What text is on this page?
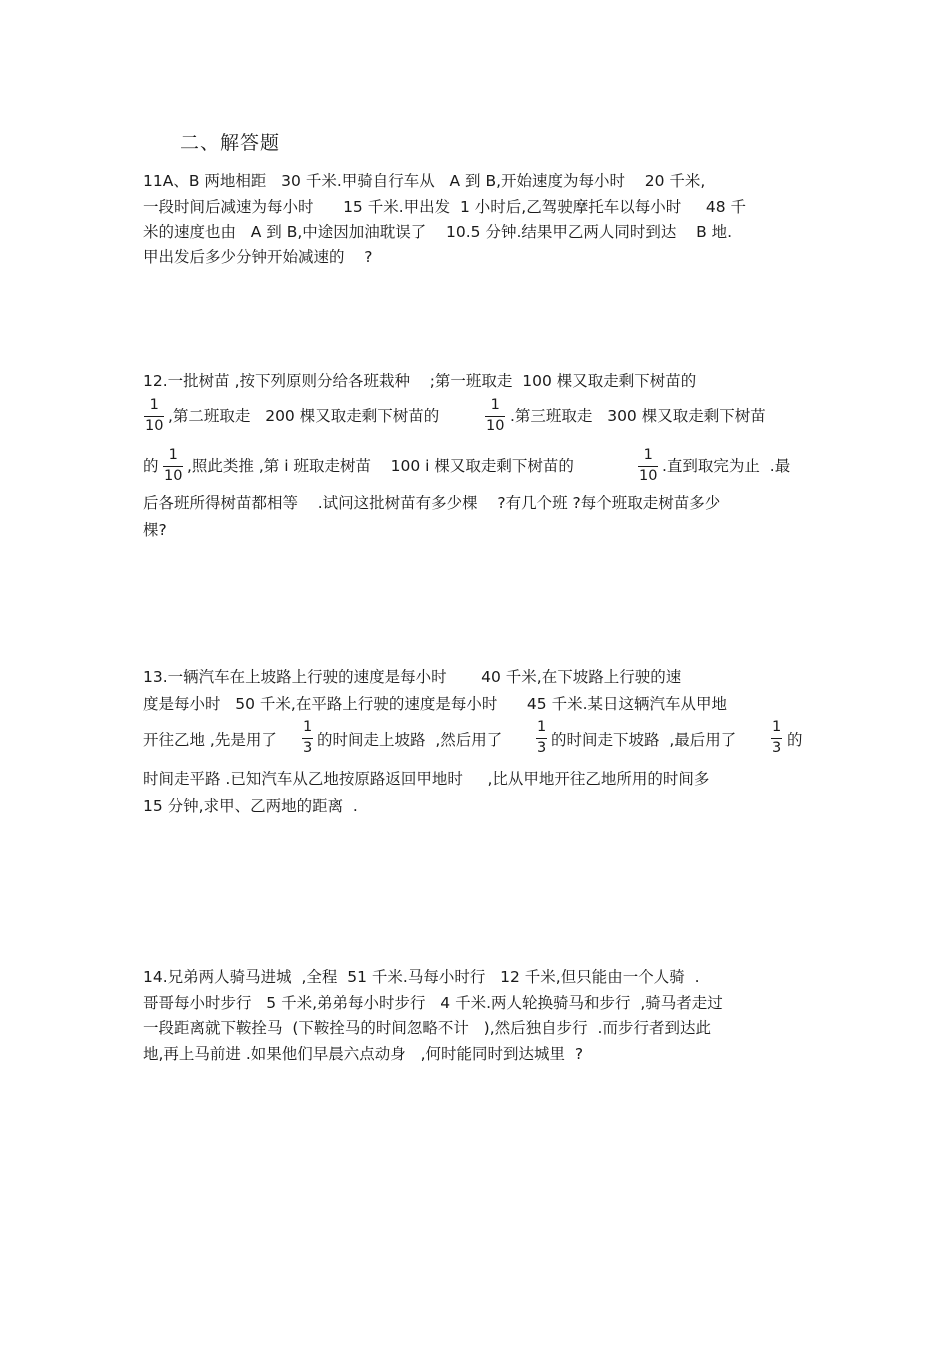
二、解答题
11A、B 两地相距   30 千米.甲骑自行车从   A 到 B,开始速度为每小时    20 千米,
一段时间后减速为每小时      15 千米.甲出发  1 小时后,乙驾驶摩托车以每小时     48 千
米的速度也由   A 到 B,中途因加油耽误了    10.5 分钟.结果甲乙两人同时到达    B 地.
甲出发后多少分钟开始减速的    ?
12.一批树苗 ,按下列原则分给各班栽种    ;第一班取走  100 棵又取走剩下树苗的
1
10
,第二班取走   200 棵又取走剩下树苗的
1
10
.第三班取走   300 棵又取走剩下树苗
的
1
10
,照此类推 ,第 i 班取走树苗    100 i 棵又取走剩下树苗的
1
10
.直到取完为止  .最
后各班所得树苗都相等    .试问这批树苗有多少棵    ?有几个班 ?每个班取走树苗多少
棵?
13.一辆汽车在上坡路上行驶的速度是每小时       40 千米,在下坡路上行驶的速
度是每小时   50 千米,在平路上行驶的速度是每小时      45 千米.某日这辆汽车从甲地
开往乙地 ,先是用了
1
3 的时间走上坡路  ,然后用了
1
3 的时间走下坡路  ,最后用了
1
3 的
时间走平路 .已知汽车从乙地按原路返回甲地时     ,比从甲地开往乙地所用的时间多
15 分钟,求甲、乙两地的距离  .
14.兄弟两人骑马进城  ,全程  51 千米.马每小时行   12 千米,但只能由一个人骑  .
哥哥每小时步行   5 千米,弟弟每小时步行   4 千米.两人轮换骑马和步行  ,骑马者走过
一段距离就下鞍拴马  (下鞍拴马的时间忽略不计   ),然后独自步行  .而步行者到达此
地,再上马前进 .如果他们早晨六点动身   ,何时能同时到达城里  ?
